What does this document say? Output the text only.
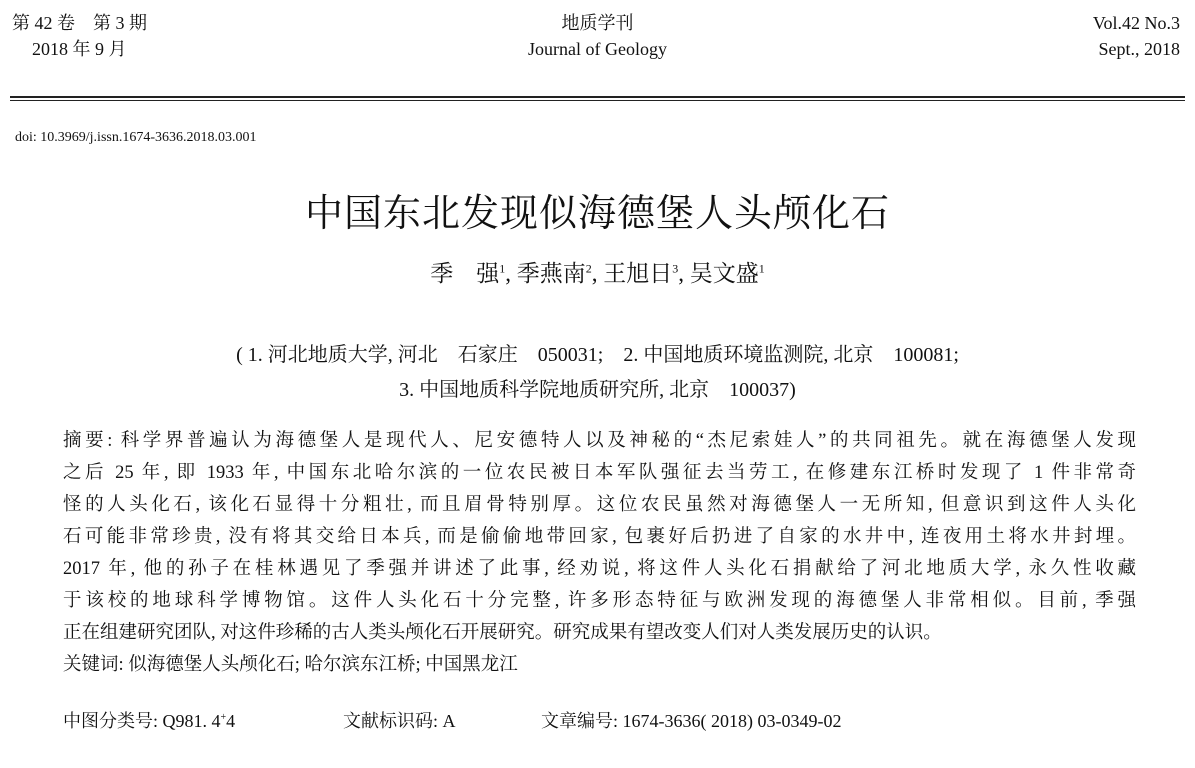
第 42 卷　第 3 期
2018 年 9 月
地质学刊
Journal of Geology
Vol.42 No.3
Sept., 2018
doi: 10.3969/j.issn.1674-3636.2018.03.001
中国东北发现似海德堡人头颅化石
季　强$^1$, 季燕南$^2$, 王旭日$^3$, 吴文盛$^1$
( 1. 河北地质大学, 河北　石家庄　050031;　2. 中国地质环境监测院, 北京　100081;
3. 中国地质科学院地质研究所, 北京　100037)
摘要: 科学界普遍认为海德堡人是现代人、尼安德特人以及神秘的“杰尼索娃人”的共同祖先。就在海德堡人发现
之后 25 年, 即 1933 年, 中国东北哈尔滨的一位农民被日本军队强征去当劳工, 在修建东江桥时发现了 1 件非常奇
怪的人头化石, 该化石显得十分粗壮, 而且眉骨特别厚。这位农民虽然对海德堡人一无所知, 但意识到这件人头化
石可能非常珍贵, 没有将其交给日本兵, 而是偷偷地带回家, 包裹好后扔进了自家的水井中, 连夜用土将水井封埋。
2017 年, 他的孙子在桂林遇见了季强并讲述了此事, 经劝说, 将这件人头化石捐献给了河北地质大学, 永久性收藏
于该校的地球科学博物馆。这件人头化石十分完整, 许多形态特征与欧洲发现的海德堡人非常相似。目前, 季强
正在组建研究团队, 对这件珍稀的古人类头颅化石开展研究。研究成果有望改变人们对人类发展历史的认识。
关键词: 似海德堡人头颅化石; 哈尔滨东江桥; 中国黑龙江
中图分类号: Q981. 4+4	文献标识码: A	文章编号: 1674-3636( 2018) 03-0349-02
